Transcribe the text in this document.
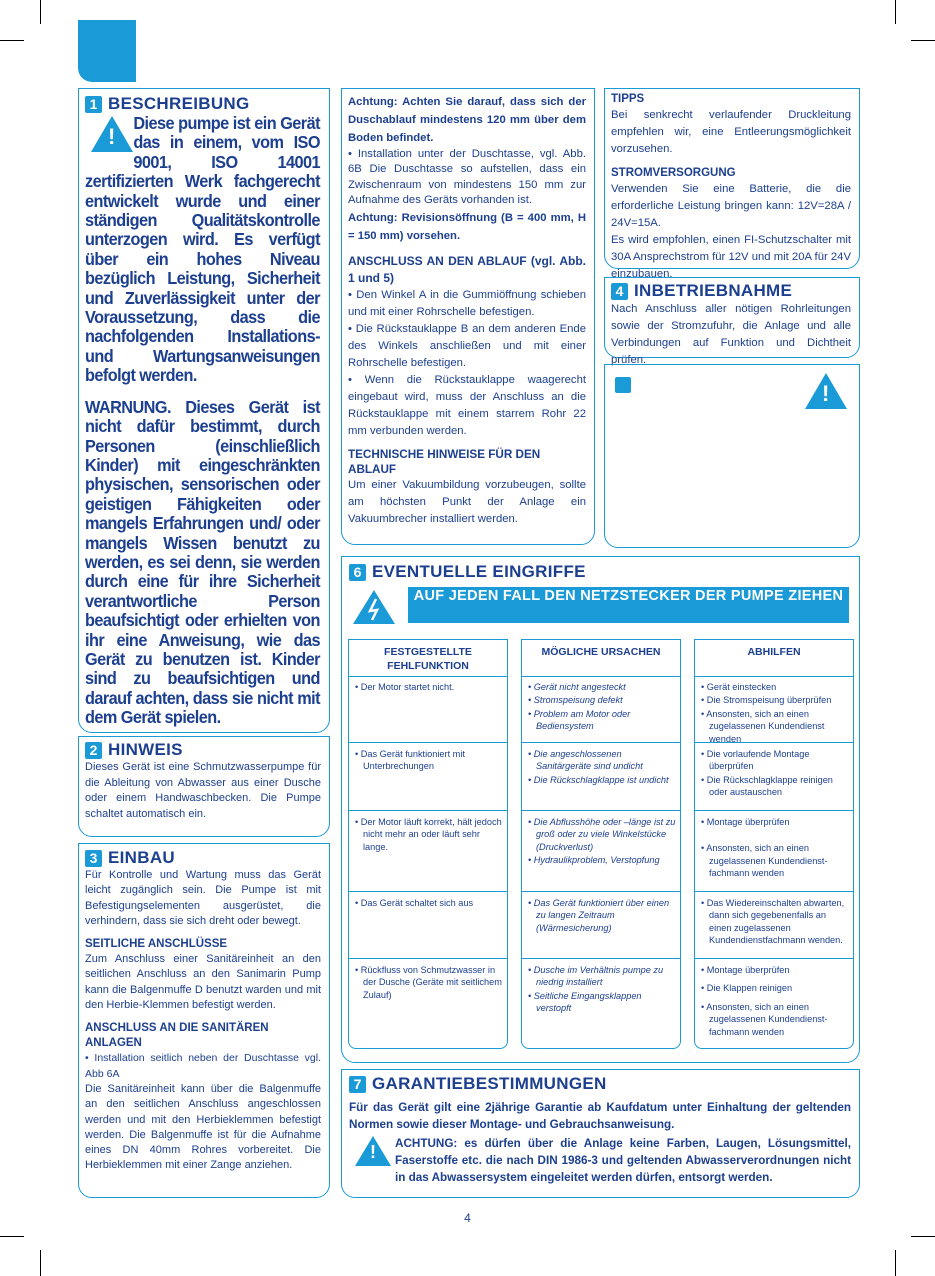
1 BESCHREIBUNG
!

Diese pumpe ist ein Gerät das in einem, vom ISO 9001, ISO 14001 zertifizierten Werk fachgerecht entwickelt wurde und einer ständigen Qualitätskontrolle unterzogen wird. Es verfügt über ein hohes Niveau bezüglich Leistung, Sicherheit und Zuverlässigkeit unter der Voraussetzung, dass die nachfolgenden Installations- und Wartungsanweisungen befolgt werden.

WARNUNG. Dieses Gerät ist nicht dafür bestimmt, durch Personen (einschließlich Kinder) mit eingeschränkten physischen, sensorischen oder geistigen Fähigkeiten oder mangels Erfahrungen und/ oder mangels Wissen benutzt zu werden, es sei denn, sie werden durch eine für ihre Sicherheit verantwortliche Person beaufsichtigt oder erhielten von ihr eine Anweisung, wie das Gerät zu benutzen ist. Kinder sind zu beaufsichtigen und darauf achten, dass sie nicht mit dem Gerät spielen.

2 HINWEIS

Dieses Gerät ist eine Schmutzwasserpumpe für die Ableitung von Abwasser aus einer Dusche oder einem Handwaschbecken. Die Pumpe schaltet automatisch ein.

3 EINBAU

Für Kontrolle und Wartung muss das Gerät leicht zugänglich sein. Die Pumpe ist mit Befestigungselementen ausgerüstet, die verhindern, dass sie sich dreht oder bewegt.

SEITLICHE ANSCHLÜSSE

Zum Anschluss einer Sanitäreinheit an den seitlichen Anschluss an den Sanimarin Pump kann die Balgenmuffe D benutzt warden und mit den Herbie-Klemmen befestigt werden.

ANSCHLUSS AN DIE SANITÄREN ANLAGEN

• Installation seitlich neben der Duschtasse vgl. Abb 6A

Die Sanitäreinheit kann über die Balgenmuffe an den seitlichen Anschluss angeschlossen werden und mit den Herbieklemmen befestigt werden. Die Balgenmuffe ist für die Aufnahme eines DN 40mm Rohres vorbereitet. Die Herbieklemmen mit einer Zange anziehen.

Achtung: Achten Sie darauf, dass sich der Duschablauf mindestens 120 mm über dem Boden befindet.

• Installation unter der Duschtasse, vgl. Abb. 6B Die Duschtasse so aufstellen, dass ein Zwischenraum von mindestens 150 mm zur Aufnahme des Geräts vorhanden ist.

Achtung: Revisionsöffnung (B = 400 mm, H = 150 mm) vorsehen.

ANSCHLUSS AN DEN ABLAUF (vgl. Abb. 1 und 5)

• Den Winkel A in die Gummiöffnung schieben und mit einer Rohrschelle befestigen.

• Die Rückstauklappe B an dem anderen Ende des Winkels anschließen und mit einer Rohrschelle befestigen.

• Wenn die Rückstauklappe waagerecht eingebaut wird, muss der Anschluss an die Rückstauklappe mit einem starrem Rohr 22 mm verbunden werden.

TECHNISCHE HINWEISE FÜR DEN ABLAUF

Um einer Vakuumbildung vorzubeugen, sollte am höchsten Punkt der Anlage ein Vakuumbrecher installiert werden.

TIPPS

Bei senkrecht verlaufender Druckleitung empfehlen wir, eine Entleerungsmöglichkeit vorzusehen.

STROMVERSORGUNG

Verwenden Sie eine Batterie, die die erforderliche Leistung bringen kann: 12V=28A / 24V=15A.

Es wird empfohlen, einen FI-Schutzschalter mit 30A Ansprechstrom für 12V und mit 20A für 24V einzubauen.

4 INBETRIEBNAHME

Nach Anschluss aller nötigen Rohrleitungen sowie der Stromzufuhr, die Anlage und alle Verbindungen auf Funktion und Dichtheit prüfen.

!
6 EVENTUELLE EINGRIFFE
AUF JEDEN FALL DEN NETZSTECKER DER PUMPE ZIEHEN
FESTGESTELLTE FEHLFUNKTION
• Der Motor startet nicht.
• Das Gerät funktioniert mit Unterbrechungen
• Der Motor läuft korrekt, hält jedoch nicht mehr an oder läuft sehr lange.
• Das Gerät schaltet sich aus
• Rückfluss von Schmutzwasser in der Dusche (Geräte mit seitlichem Zulauf)
MÖGLICHE URSACHEN
• Gerät nicht angesteckt
• Stromspeisung defekt
• Problem am Motor oder Bediensystem
• Die angeschlossenen Sanitärgeräte sind undicht
• Die Rückschlagklappe ist undicht
• Die Abflusshöhe oder –länge ist zu groß oder zu viele Winkelstücke (Druckverlust)
• Hydraulikproblem, Verstopfung
• Das Gerät funktioniert über einen zu langen Zeitraum (Wärmesicherung)
• Dusche im Verhältnis pumpe zu niedrig installiert
• Seitliche Eingangsklappen verstopft
ABHILFEN
• Gerät einstecken
• Die Stromspeisung überprüfen
• Ansonsten, sich an einen zugelassenen Kundendienst wenden
• Die vorlaufende Montage überprüfen
• Die Rückschlagklappe reinigen oder austauschen
• Montage überprüfen
• Ansonsten, sich an einen zugelassenen Kundendienst-fachmann wenden
• Das Wiedereinschalten abwarten, dann sich gegebenenfalls an einen zugelassenen Kundendienstfachmann wenden.
• Montage überprüfen
• Die Klappen reinigen
• Ansonsten, sich an einen zugelassenen Kundendienst-fachmann wenden
7 GARANTIEBESTIMMUNGEN

Für das Gerät gilt eine 2jährige Garantie ab Kaufdatum unter Einhaltung der geltenden Normen sowie dieser Montage- und Gebrauchsanweisung.

!	ACHTUNG: es dürfen über die Anlage keine Farben, Laugen, Lösungsmittel, Faserstoffe etc. die nach DIN 1986-3 und geltenden Abwasserverordnungen nicht in das Abwassersystem eingeleitet werden dürfen, entsorgt werden.

4
